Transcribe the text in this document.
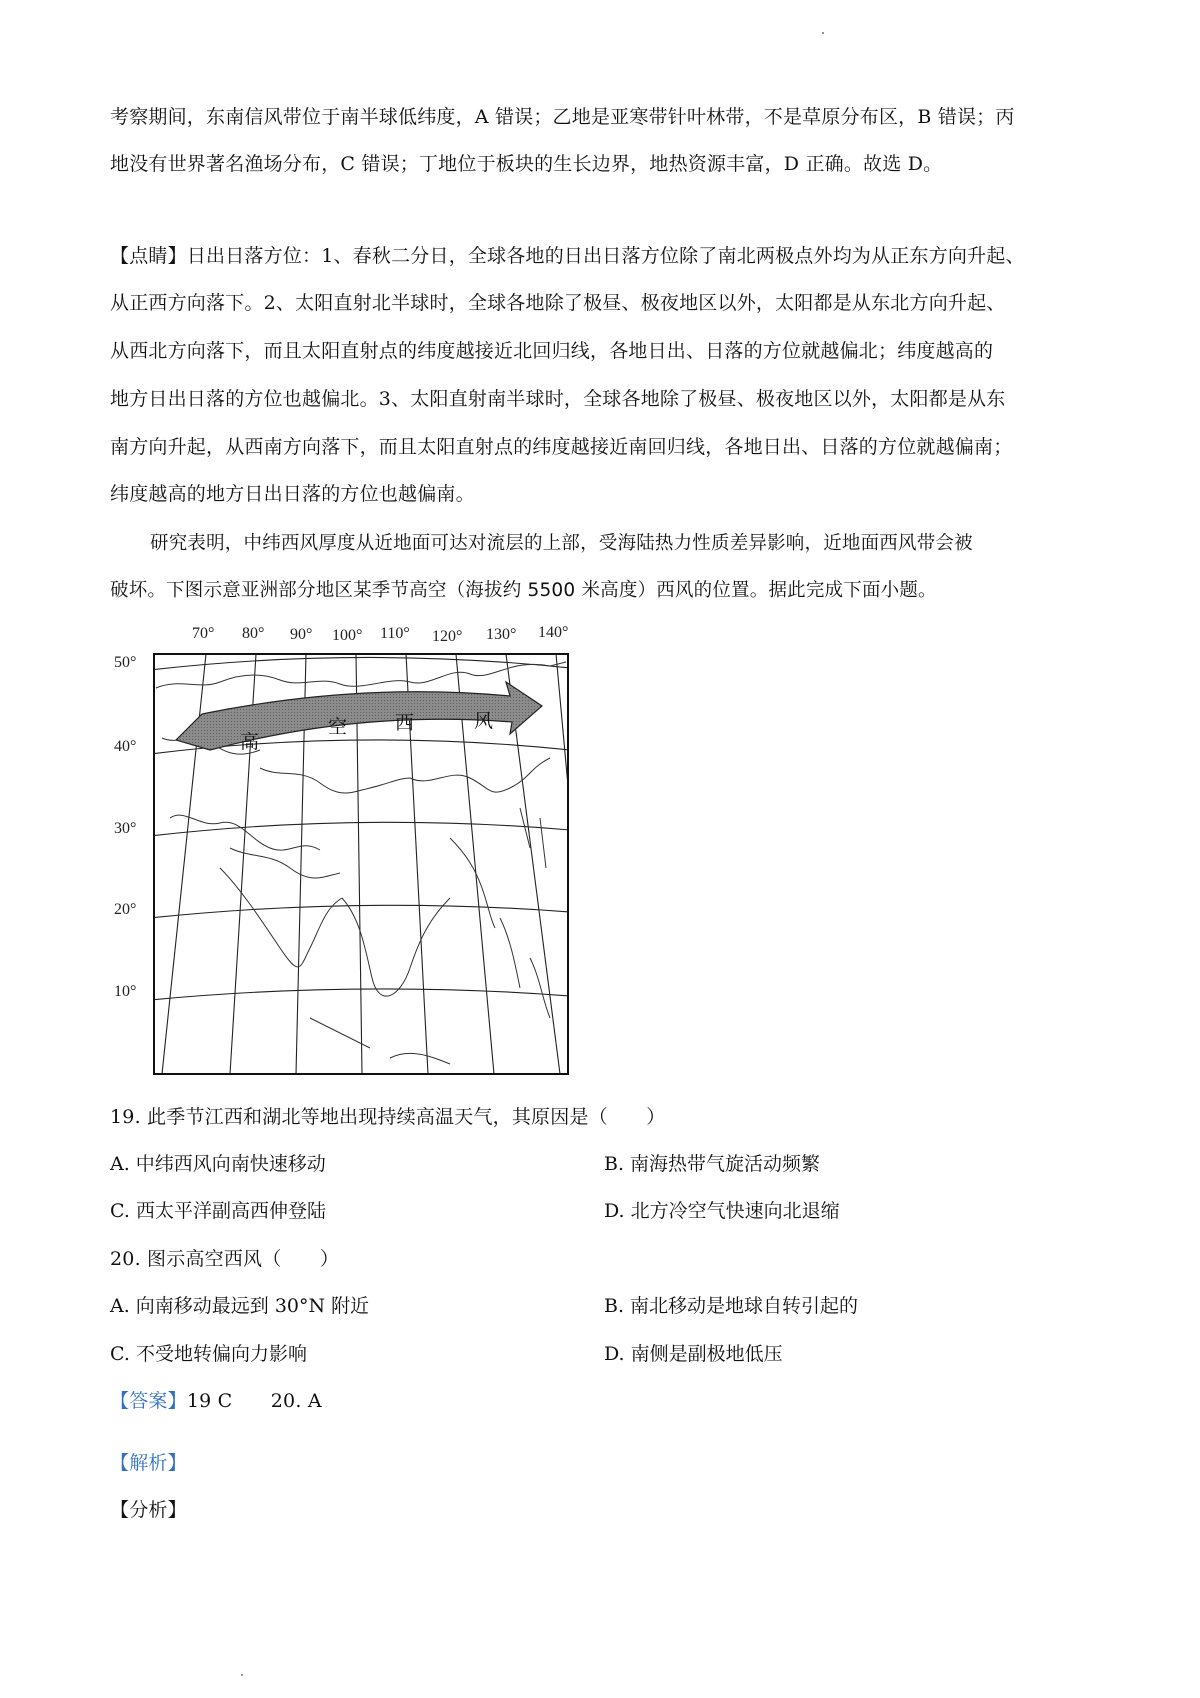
考察期间，东南信风带位于南半球低纬度，A 错误；乙地是亚寒带针叶林带，不是草原分布区，B 错误；丙
地没有世界著名渔场分布，C 错误；丁地位于板块的生长边界，地热资源丰富，D 正确。故选 D。
【点睛】日出日落方位：1、春秋二分日，全球各地的日出日落方位除了南北两极点外均为从正东方向升起、
从正西方向落下。2、太阳直射北半球时，全球各地除了极昼、极夜地区以外，太阳都是从东北方向升起、
从西北方向落下，而且太阳直射点的纬度越接近北回归线，各地日出、日落的方位就越偏北；纬度越高的
地方日出日落的方位也越偏北。3、太阳直射南半球时，全球各地除了极昼、极夜地区以外，太阳都是从东
南方向升起，从西南方向落下，而且太阳直射点的纬度越接近南回归线，各地日出、日落的方位就越偏南；
纬度越高的地方日出日落的方位也越偏南。
研究表明，中纬西风厚度从近地面可达对流层的上部，受海陆热力性质差异影响，近地面西风带会被
破坏。下图示意亚洲部分地区某季节高空（海拔约 5500 米高度）西风的位置。据此完成下面小题。
70° 80° 90° 100° 110° 120° 130° 140°
50°
40°
30°
20°
10°
高
空	西	风
19. 此季节江西和湖北等地出现持续高温天气，其原因是（　　）
A. 中纬西风向南快速移动	B. 南海热带气旋活动频繁
C. 西太平洋副高西伸登陆	D. 北方冷空气快速向北退缩
20. 图示高空西风（　　）
A. 向南移动最远到 30°N 附近	B. 南北移动是地球自转引起的
C. 不受地转偏向力影响	D. 南侧是副极地低压
【答案】19 C　　20. A
【解析】
【分析】
